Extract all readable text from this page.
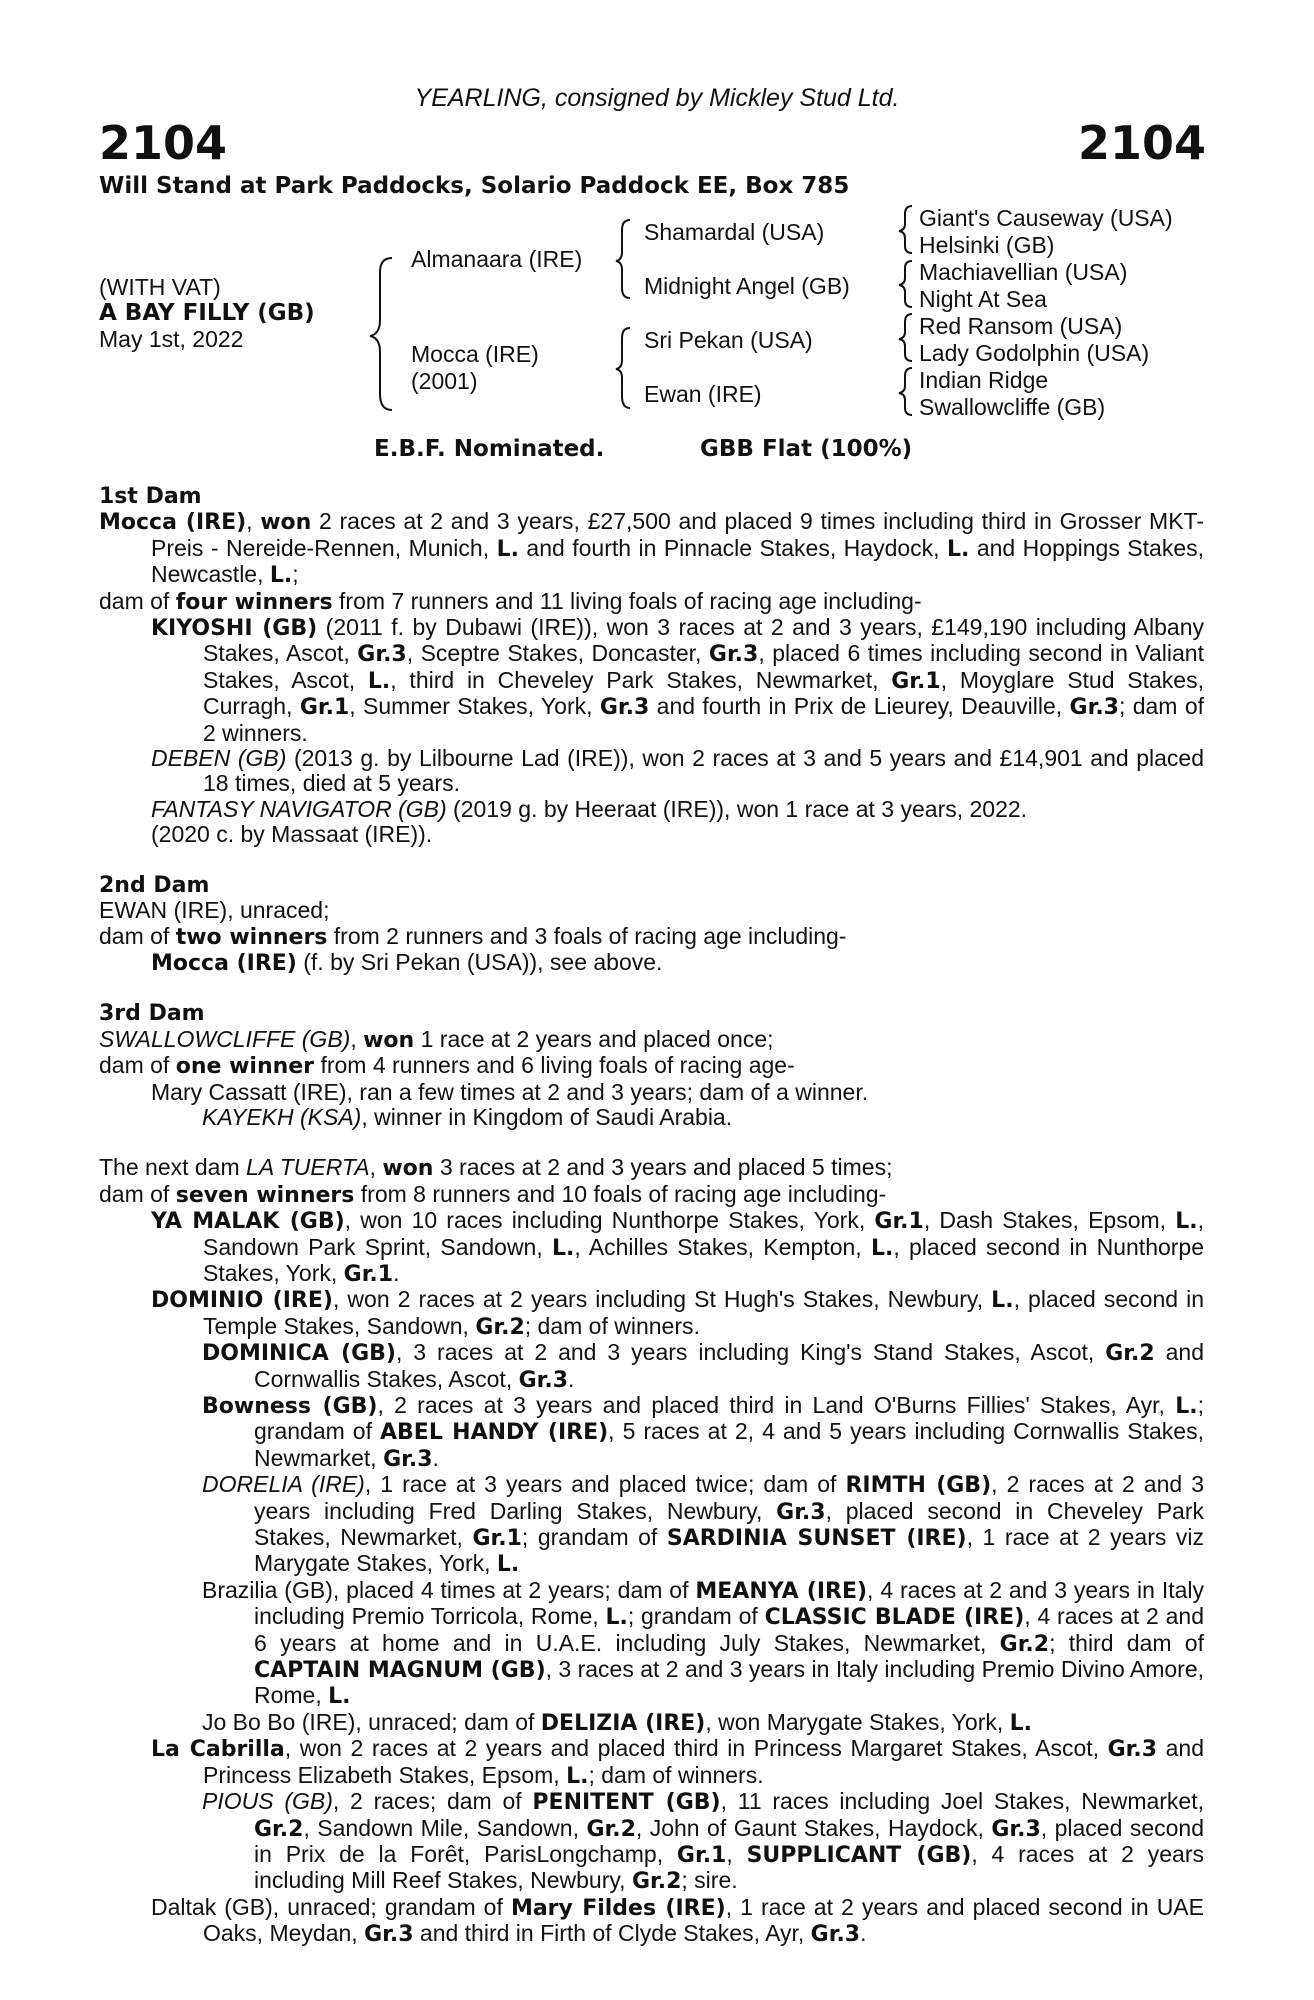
YEARLING, consigned by Mickley Stud Ltd.
2104	2104
Will Stand at Park Paddocks, Solario Paddock EE, Box 785
(WITH VAT)
A BAY FILLY (GB)
May 1st, 2022
Almanaara (IRE)
Mocca (IRE)
(2001)
Shamardal (USA)
Midnight Angel (GB)
Sri Pekan (USA)
Ewan (IRE)
Giant's Causeway (USA)
Helsinki (GB)
Machiavellian (USA)
Night At Sea
Red Ransom (USA)
Lady Godolphin (USA)
Indian Ridge
Swallowcliffe (GB)
E.B.F. Nominated.	GBB Flat (100%)

1st Dam

Mocca (IRE), won 2 races at 2 and 3 years, £27,500 and placed 9 times including third in Grosser MKT-Preis - Nereide-Rennen, Munich, L. and fourth in Pinnacle Stakes, Haydock, L. and Hoppings Stakes, Newcastle, L.;

dam of four winners from 7 runners and 11 living foals of racing age including-

KIYOSHI (GB) (2011 f. by Dubawi (IRE)), won 3 races at 2 and 3 years, £149,190 including Albany Stakes, Ascot, Gr.3, Sceptre Stakes, Doncaster, Gr.3, placed 6 times including second in Valiant Stakes, Ascot, L., third in Cheveley Park Stakes, Newmarket, Gr.1, Moyglare Stud Stakes, Curragh, Gr.1, Summer Stakes, York, Gr.3 and fourth in Prix de Lieurey, Deauville, Gr.3; dam of 2 winners.

DEBEN (GB) (2013 g. by Lilbourne Lad (IRE)), won 2 races at 3 and 5 years and £14,901 and placed 18 times, died at 5 years.

FANTASY NAVIGATOR (GB) (2019 g. by Heeraat (IRE)), won 1 race at 3 years, 2022.

(2020 c. by Massaat (IRE)).

2nd Dam

EWAN (IRE), unraced;

dam of two winners from 2 runners and 3 foals of racing age including-

Mocca (IRE) (f. by Sri Pekan (USA)), see above.

3rd Dam

SWALLOWCLIFFE (GB), won 1 race at 2 years and placed once;

dam of one winner from 4 runners and 6 living foals of racing age-

Mary Cassatt (IRE), ran a few times at 2 and 3 years; dam of a winner.

KAYEKH (KSA), winner in Kingdom of Saudi Arabia.

The next dam LA TUERTA, won 3 races at 2 and 3 years and placed 5 times;

dam of seven winners from 8 runners and 10 foals of racing age including-

YA MALAK (GB), won 10 races including Nunthorpe Stakes, York, Gr.1, Dash Stakes, Epsom, L., Sandown Park Sprint, Sandown, L., Achilles Stakes, Kempton, L., placed second in Nunthorpe Stakes, York, Gr.1.

DOMINIO (IRE), won 2 races at 2 years including St Hugh's Stakes, Newbury, L., placed second in Temple Stakes, Sandown, Gr.2; dam of winners.

DOMINICA (GB), 3 races at 2 and 3 years including King's Stand Stakes, Ascot, Gr.2 and Cornwallis Stakes, Ascot, Gr.3.

Bowness (GB), 2 races at 3 years and placed third in Land O'Burns Fillies' Stakes, Ayr, L.; grandam of ABEL HANDY (IRE), 5 races at 2, 4 and 5 years including Cornwallis Stakes, Newmarket, Gr.3.

DORELIA (IRE), 1 race at 3 years and placed twice; dam of RIMTH (GB), 2 races at 2 and 3 years including Fred Darling Stakes, Newbury, Gr.3, placed second in Cheveley Park Stakes, Newmarket, Gr.1; grandam of SARDINIA SUNSET (IRE), 1 race at 2 years viz Marygate Stakes, York, L.

Brazilia (GB), placed 4 times at 2 years; dam of MEANYA (IRE), 4 races at 2 and 3 years in Italy including Premio Torricola, Rome, L.; grandam of CLASSIC BLADE (IRE), 4 races at 2 and 6 years at home and in U.A.E. including July Stakes, Newmarket, Gr.2; third dam of CAPTAIN MAGNUM (GB), 3 races at 2 and 3 years in Italy including Premio Divino Amore, Rome, L.

Jo Bo Bo (IRE), unraced; dam of DELIZIA (IRE), won Marygate Stakes, York, L.

La Cabrilla, won 2 races at 2 years and placed third in Princess Margaret Stakes, Ascot, Gr.3 and Princess Elizabeth Stakes, Epsom, L.; dam of winners.

PIOUS (GB), 2 races; dam of PENITENT (GB), 11 races including Joel Stakes, Newmarket, Gr.2, Sandown Mile, Sandown, Gr.2, John of Gaunt Stakes, Haydock, Gr.3, placed second in Prix de la Forêt, ParisLongchamp, Gr.1, SUPPLICANT (GB), 4 races at 2 years including Mill Reef Stakes, Newbury, Gr.2; sire.

Daltak (GB), unraced; grandam of Mary Fildes (IRE), 1 race at 2 years and placed second in UAE Oaks, Meydan, Gr.3 and third in Firth of Clyde Stakes, Ayr, Gr.3.
